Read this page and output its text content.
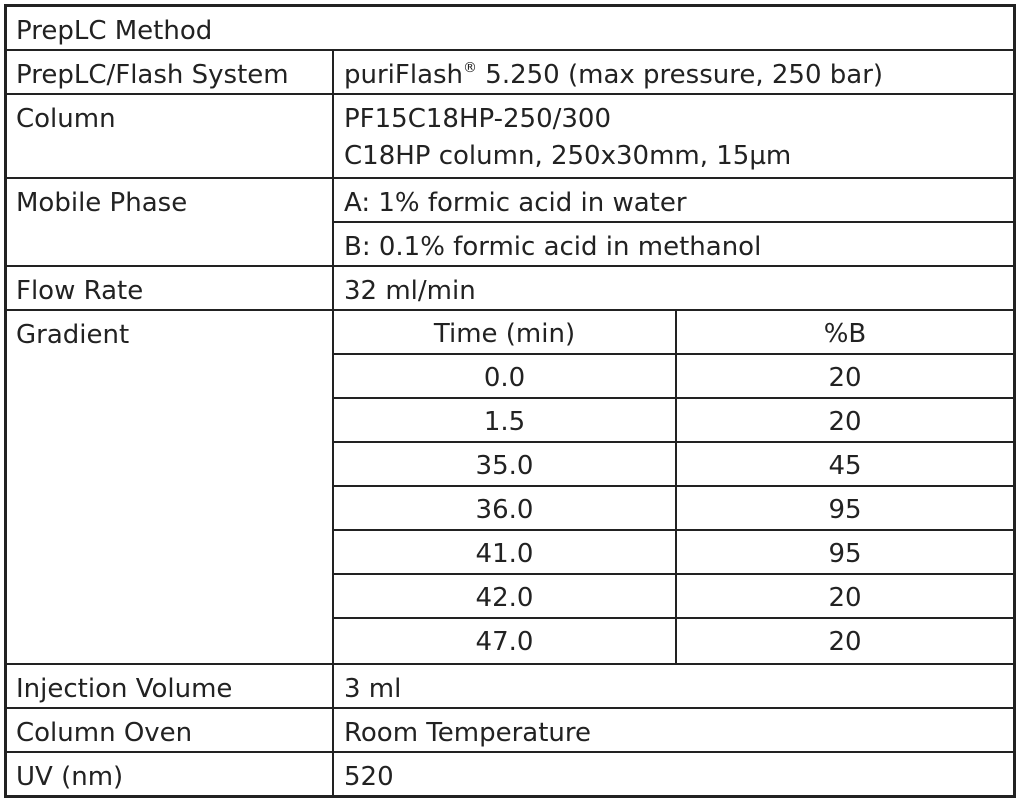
PrepLC Method
PrepLC/Flash System	puriFlash® 5.250 (max pressure, 250 bar)
Column	PF15C18HP-250/300
C18HP column, 250x30mm, 15µm
Mobile Phase	A: 1% formic acid in water
B: 0.1% formic acid in methanol
Flow Rate	32 ml/min
Gradient	Time (min)	%B
0.0	20
1.5	20
35.0	45
36.0	95
41.0	95
42.0	20
47.0	20
Injection Volume	3 ml
Column Oven	Room Temperature
UV (nm)	520
